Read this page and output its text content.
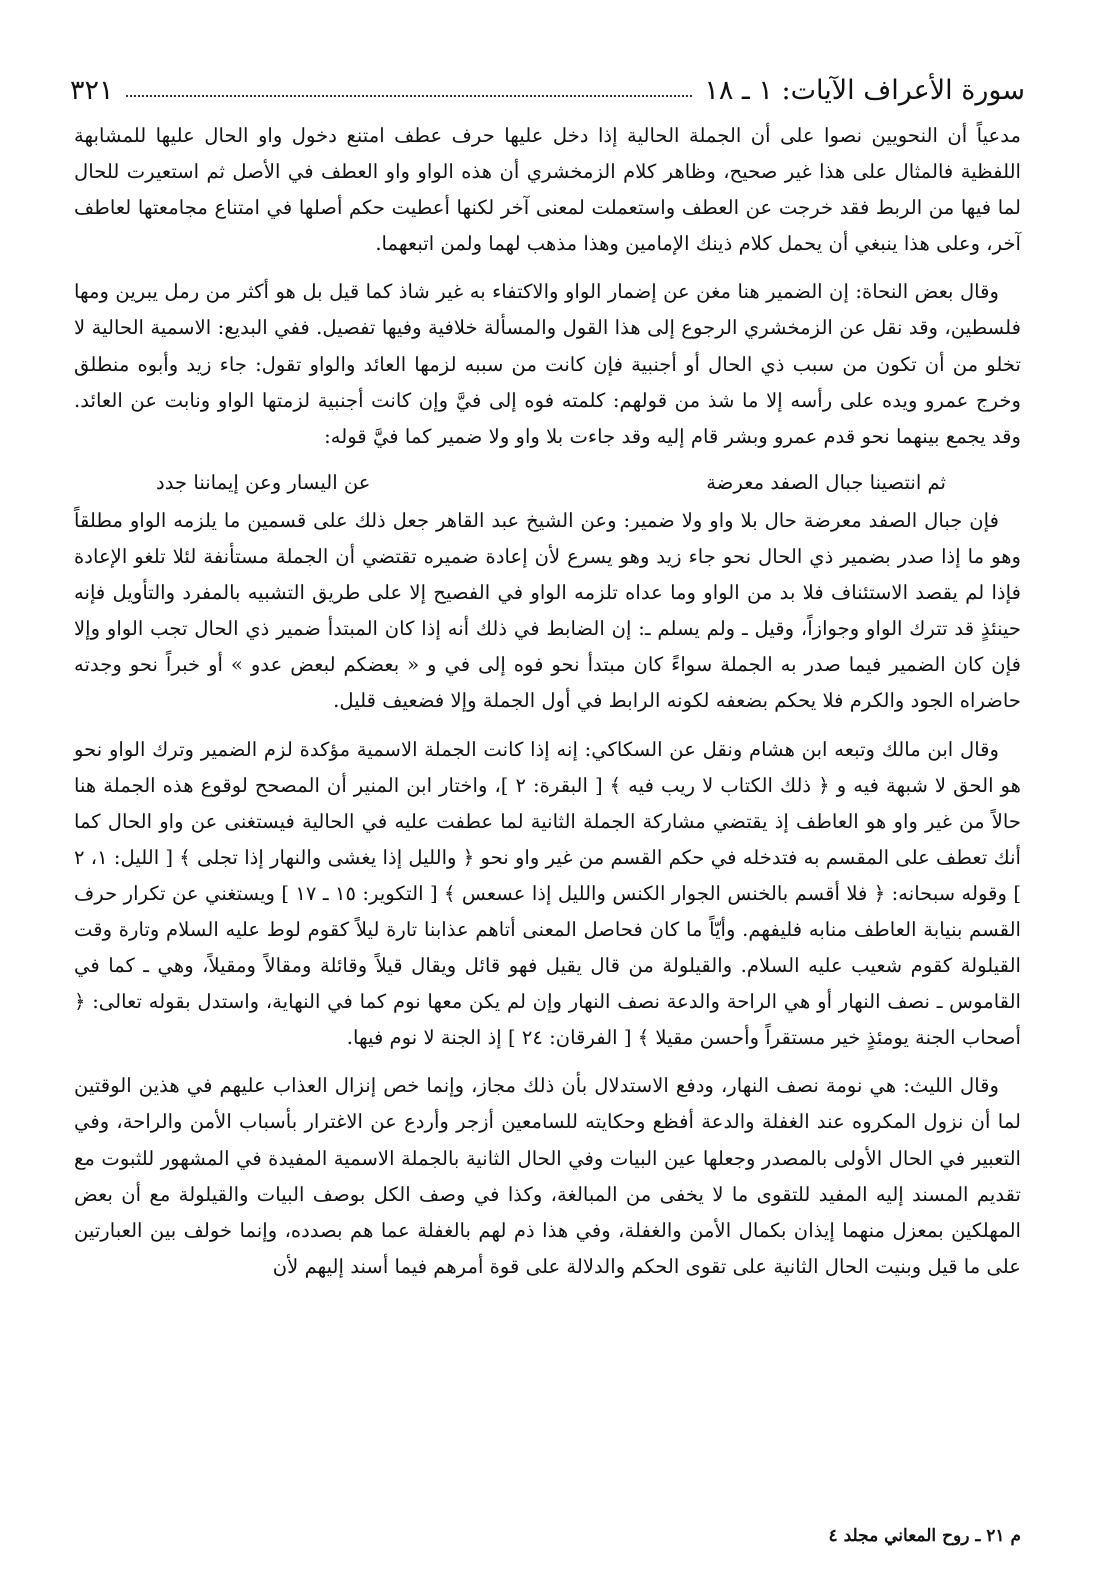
سورة الأعراف الآيات: ١ ـ ١٨
٣٢١

مدعياً أن النحويين نصوا على أن الجملة الحالية إذا دخل عليها حرف عطف امتنع دخول واو الحال عليها للمشابهة اللفظية فالمثال على هذا غير صحيح، وظاهر كلام الزمخشري أن هذه الواو واو العطف في الأصل ثم استعيرت للحال لما فيها من الربط فقد خرجت عن العطف واستعملت لمعنى آخر لكنها أعطيت حكم أصلها في امتناع مجامعتها لعاطف آخر، وعلى هذا ينبغي أن يحمل كلام ذينك الإمامين وهذا مذهب لهما ولمن اتبعهما.

وقال بعض النحاة: إن الضمير هنا مغن عن إضمار الواو والاكتفاء به غير شاذ كما قيل بل هو أكثر من رمل يبرين ومها فلسطين، وقد نقل عن الزمخشري الرجوع إلى هذا القول والمسألة خلافية وفيها تفصيل. ففي البديع: الاسمية الحالية لا تخلو من أن تكون من سبب ذي الحال أو أجنبية فإن كانت من سببه لزمها العائد والواو تقول: جاء زيد وأبوه منطلق وخرج عمرو ويده على رأسه إلا ما شذ من قولهم: كلمته فوه إلى فيَّ وإن كانت أجنبية لزمتها الواو ونابت عن العائد. وقد يجمع بينهما نحو قدم عمرو وبشر قام إليه وقد جاءت بلا واو ولا ضمير كما فيَّ قوله:

ثم انتصينا جبال الصفد معرضة
عن اليسار وعن إيماننا جدد

فإن جبال الصفد معرضة حال بلا واو ولا ضمير: وعن الشيخ عبد القاهر جعل ذلك على قسمين ما يلزمه الواو مطلقاً وهو ما إذا صدر بضمير ذي الحال نحو جاء زيد وهو يسرع لأن إعادة ضميره تقتضي أن الجملة مستأنفة لئلا تلغو الإعادة فإذا لم يقصد الاستئناف فلا بد من الواو وما عداه تلزمه الواو في الفصيح إلا على طريق التشبيه بالمفرد والتأويل فإنه حينئذٍ قد تترك الواو وجوازاً، وقيل ـ ولم يسلم ـ: إن الضابط في ذلك أنه إذا كان المبتدأ ضمير ذي الحال تجب الواو وإلا فإن كان الضمير فيما صدر به الجملة سواءً كان مبتدأ نحو فوه إلى في و « بعضكم لبعض عدو » أو خبراً نحو وجدته حاضراه الجود والكرم فلا يحكم بضعفه لكونه الرابط في أول الجملة وإلا فضعيف قليل.

وقال ابن مالك وتبعه ابن هشام ونقل عن السكاكي: إنه إذا كانت الجملة الاسمية مؤكدة لزم الضمير وترك الواو نحو هو الحق لا شبهة فيه و ﴿ ذلك الكتاب لا ريب فيه ﴾ [ البقرة: ٢ ]، واختار ابن المنير أن المصحح لوقوع هذه الجملة هنا حالاً من غير واو هو العاطف إذ يقتضي مشاركة الجملة الثانية لما عطفت عليه في الحالية فيستغنى عن واو الحال كما أنك تعطف على المقسم به فتدخله في حكم القسم من غير واو نحو ﴿ والليل إذا يغشى والنهار إذا تجلى ﴾ [ الليل: ١، ٢ ] وقوله سبحانه: ﴿ فلا أقسم بالخنس الجوار الكنس والليل إذا عسعس ﴾ [ التكوير: ١٥ ـ ١٧ ] ويستغني عن تكرار حرف القسم بنيابة العاطف منابه فليفهم. وأيّاً ما كان فحاصل المعنى أتاهم عذابنا تارة ليلاً كقوم لوط عليه السلام وتارة وقت القيلولة كقوم شعيب عليه السلام. والقيلولة من قال يقيل فهو قائل ويقال قيلاً وقائلة ومقالاً ومقيلاً، وهي ـ كما في القاموس ـ نصف النهار أو هي الراحة والدعة نصف النهار وإن لم يكن معها نوم كما في النهاية، واستدل بقوله تعالى: ﴿ أصحاب الجنة يومئذٍ خير مستقراً وأحسن مقيلا ﴾ [ الفرقان: ٢٤ ] إذ الجنة لا نوم فيها.

وقال الليث: هي نومة نصف النهار، ودفع الاستدلال بأن ذلك مجاز، وإنما خص إنزال العذاب عليهم في هذين الوقتين لما أن نزول المكروه عند الغفلة والدعة أفظع وحكايته للسامعين أزجر وأردع عن الاغترار بأسباب الأمن والراحة، وفي التعبير في الحال الأولى بالمصدر وجعلها عين البيات وفي الحال الثانية بالجملة الاسمية المفيدة في المشهور للثبوت مع تقديم المسند إليه المفيد للتقوى ما لا يخفى من المبالغة، وكذا في وصف الكل بوصف البيات والقيلولة مع أن بعض المهلكين بمعزل منهما إيذان بكمال الأمن والغفلة، وفي هذا ذم لهم بالغفلة عما هم بصدده، وإنما خولف بين العبارتين على ما قيل وبنيت الحال الثانية على تقوى الحكم والدلالة على قوة أمرهم فيما أسند إليهم لأن

م ٢١ ـ روح المعاني مجلد ٤
